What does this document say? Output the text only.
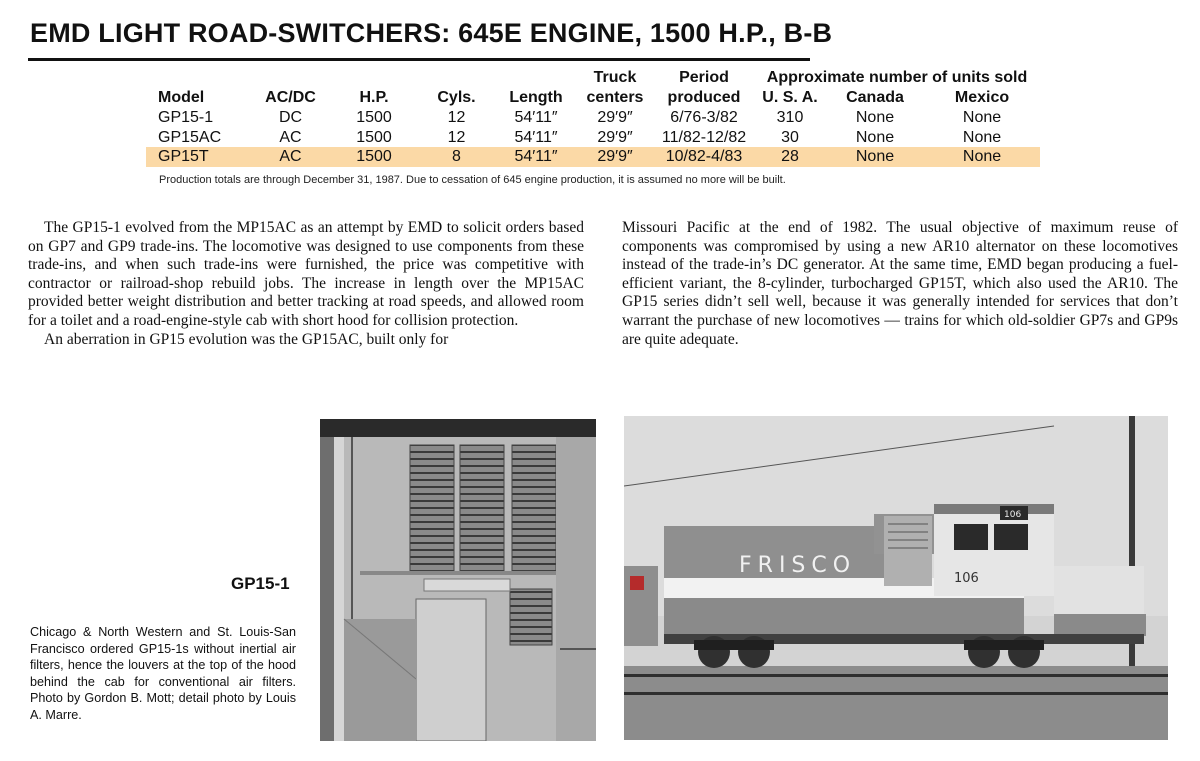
EMD LIGHT ROAD-SWITCHERS: 645E ENGINE, 1500 H.P., B-B
					Truck	Period	Approximate number of units sold		
Model	AC/DC	H.P.	Cyls.	Length	centers	produced	U. S. A.	Canada	Mexico
GP15-1	DC	1500	12	54′11″	29′9″	6/76-3/82	310	None	None
GP15AC	AC	1500	12	54′11″	29′9″	11/82-12/82	30	None	None
GP15T	AC	1500	8	54′11″	29′9″	10/82-4/83	28	None	None

Production totals are through December 31, 1987. Due to cessation of 645 engine production, it is assumed no more will be built.

The GP15-1 evolved from the MP15AC as an attempt by EMD to solicit orders based on GP7 and GP9 trade-ins. The locomotive was designed to use components from these trade-ins, and when such trade-ins were furnished, the price was competitive with contractor or railroad-shop rebuild jobs. The increase in length over the MP15AC provided better weight distribution and better tracking at road speeds, and allowed room for a toilet and a road-engine-style cab with short hood for collision protection.

An aberration in GP15 evolution was the GP15AC, built only for

Missouri Pacific at the end of 1982. The usual objective of maximum reuse of components was compromised by using a new AR10 alternator on these locomotives instead of the trade-in’s DC generator. At the same time, EMD began producing a fuel-efficient variant, the 8-cylinder, turbocharged GP15T, which also used the AR10. The GP15 series didn’t sell well, because it was generally intended for services that don’t warrant the purchase of new locomotives — trains for which old-soldier GP7s and GP9s are quite adequate.

FRISCO
106
106

GP15-1

Chicago & North Western and St. Louis-San Francisco ordered GP15-1s without inertial air filters, hence the louvers at the top of the hood behind the cab for conventional air filters. Photo by Gordon B. Mott; detail photo by Louis A. Marre.
